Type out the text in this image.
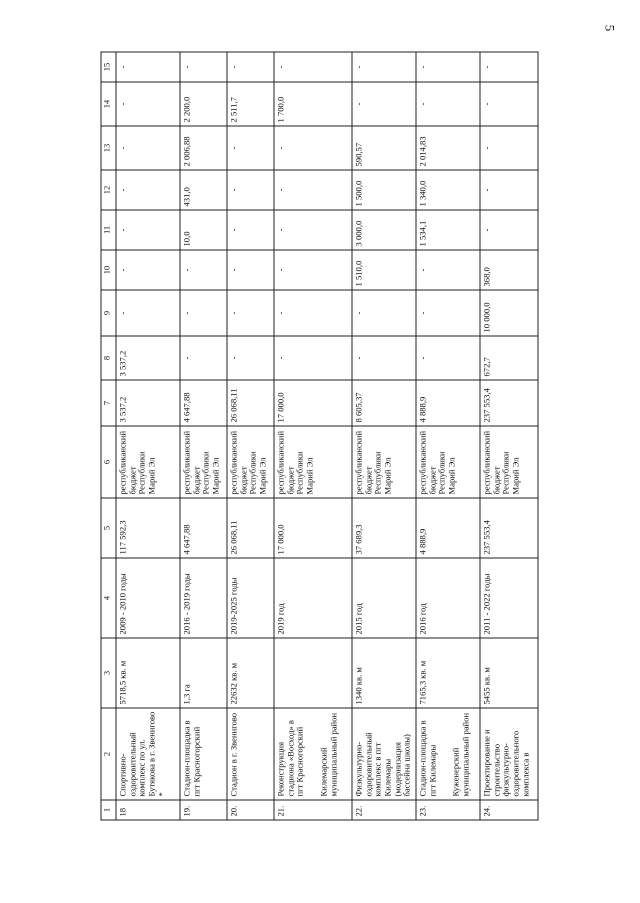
5
1	2	3	4	5	6	7	8	9	10	11	12	13	14	15
18	Спортивно-оздоровительный комплекс по ул. Бутякова в г. Звенигово *	5718,5 кв. м	2009 - 2010 годы	117 592,3	республиканский бюджет Республики Марий Эл	3 537,2	3 537,2	-	-	-	-	-	-	-
19.	Стадион-площадка в пгт Красногорский	1,3 га	2016 - 2019 годы	4 647,88	республиканский бюджет Республики Марий Эл	4 647,88	-	-	-	10,0	431,0	2 006,88	2 200,0	-
20.	Стадион в г. Звенигово	22632 кв. м	2019-2025 годы	26 068,11	республиканский бюджет Республики Марий Эл	26 068,11	-	-	-	-	-	-	2 511,7	-
21.	Реконструкция стадиона «Восход» в пгт Красногорский Килемарский муниципальный район		2019 год	17 000,0	республиканский бюджет Республики Марий Эл	17 000,0	-	-	-	-	-	-	1 700,0	-
22.	Физкультурно-оздоровительный комплекс в пгт Килемары (модернизация бассейна школы)	1340 кв. м	2015 год	37 689,3	республиканский бюджет Республики Марий Эл	8 605,37	-	-	1 510,0	3 000,0	1 500,0	590,57	-	-
23.	Стадион-площадка в пгт Килемары Куженерский муниципальный район	7165,3 кв. м	2016 год	4 888,9	республиканский бюджет Республики Марий Эл	4 888,9	-	-	-	1 534,1	1 340,0	2 014,83	-	-
24.	Проектирование и строительство физкультурно-оздоровительного комплекса в	5455 кв. м	2011 - 2022 годы	237 553,4	республиканский бюджет Республики Марий Эл	237 553,4	672,7	10 000,0	368,0	-	-	-	-	-
